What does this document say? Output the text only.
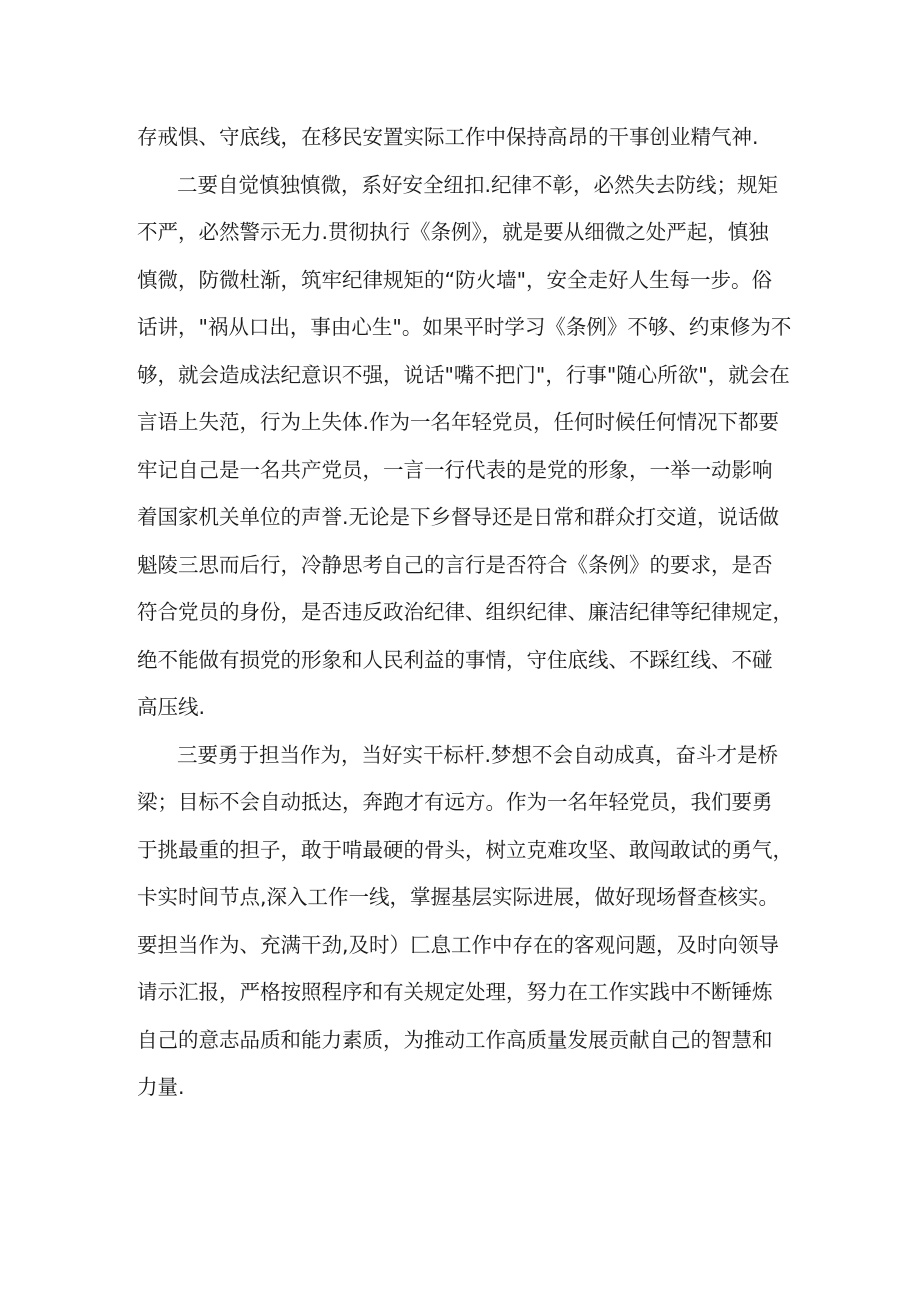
存戒惧、守底线，在移民安置实际工作中保持高昂的干事创业精气神.
二要自觉慎独慎微，系好安全纽扣.纪律不彰，必然失去防线；规矩
不严，必然警示无力.贯彻执行《条例》，就是要从细微之处严起，慎独
慎微，防微杜渐，筑牢纪律规矩的“防火墙"，安全走好人生每一步。俗
话讲，"祸从口出，事由心生"。如果平时学习《条例》不够、约束修为不
够，就会造成法纪意识不强，说话"嘴不把门"，行事"随心所欲"，就会在
言语上失范，行为上失体.作为一名年轻党员，任何时候任何情况下都要
牢记自己是一名共产党员，一言一行代表的是党的形象，一举一动影响
着国家机关单位的声誉.无论是下乡督导还是日常和群众打交道，说话做
魁陵三思而后行，冷静思考自己的言行是否符合《条例》的要求，是否
符合党员的身份，是否违反政治纪律、组织纪律、廉洁纪律等纪律规定，
绝不能做有损党的形象和人民利益的事情，守住底线、不踩红线、不碰
高压线.
三要勇于担当作为，当好实干标杆.梦想不会自动成真，奋斗才是桥
梁；目标不会自动抵达，奔跑才有远方。作为一名年轻党员，我们要勇
于挑最重的担子，敢于啃最硬的骨头，树立克难攻坚、敢闯敢试的勇气，
卡实时间节点,深入工作一线，掌握基层实际进展，做好现场督查核实。
要担当作为、充满干劲,及时）匚息工作中存在的客观问题，及时向领导
请示汇报，严格按照程序和有关规定处理，努力在工作实践中不断锤炼
自己的意志品质和能力素质，为推动工作高质量发展贡献自己的智慧和
力量.
